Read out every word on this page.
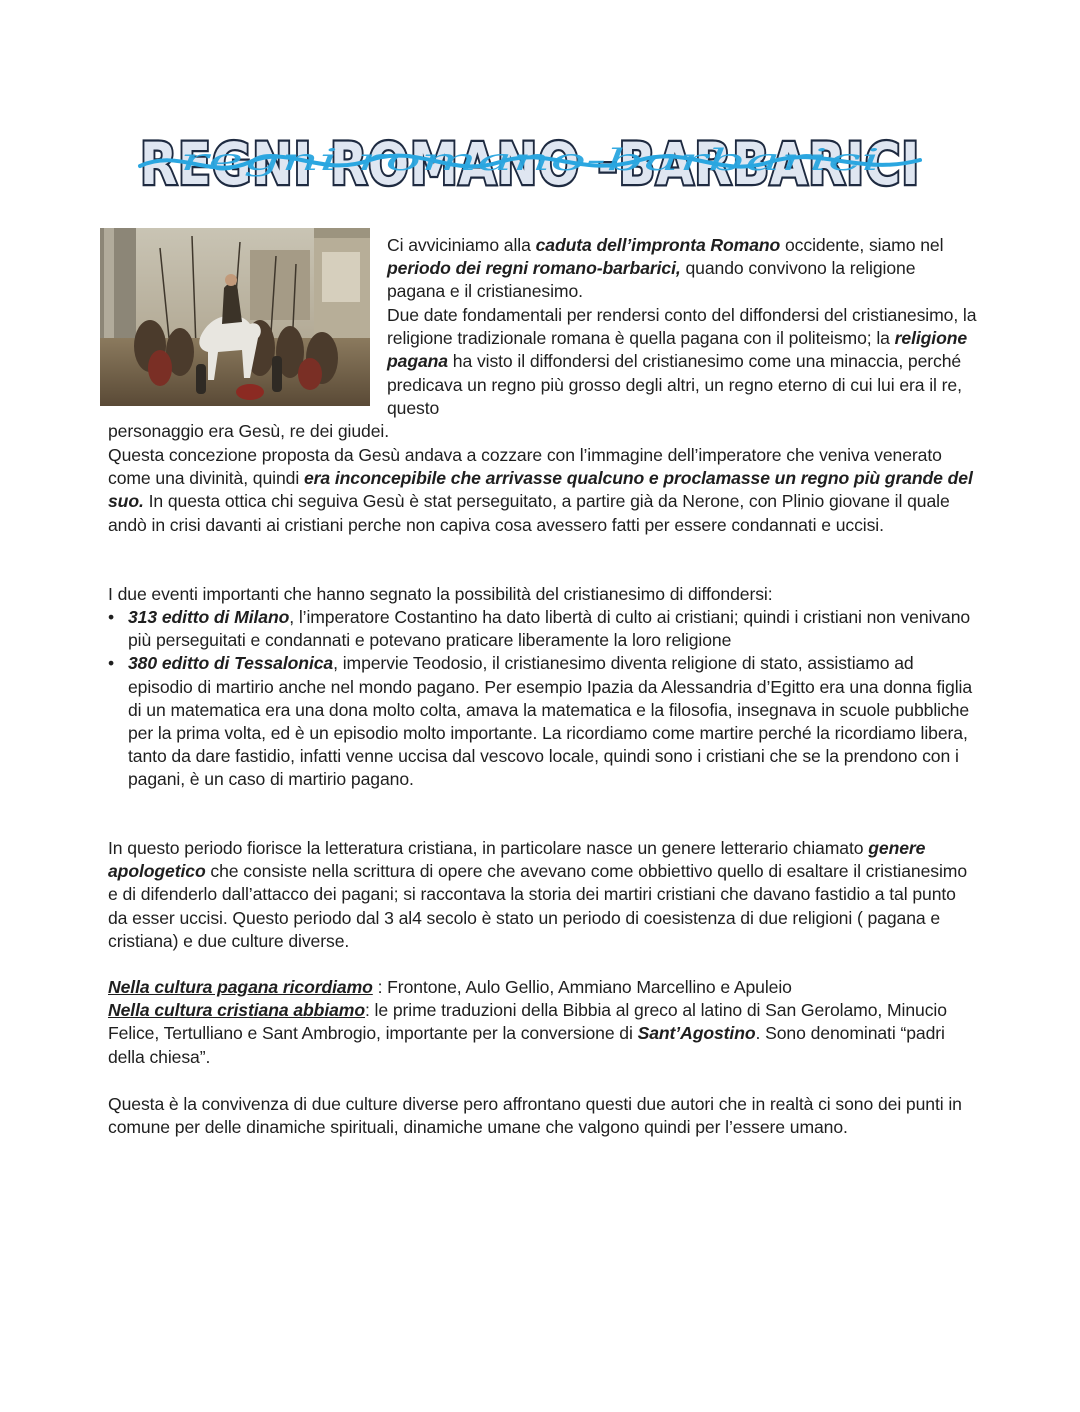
REGNI ROMANO -BARBARICI
regni romano-barbarici

Ci avviciniamo alla caduta dell’impronta Romano occidente, siamo nel periodo dei regni romano-barbarici, quando convivono la religione pagana e il cristianesimo.

Due date fondamentali per rendersi conto del diffondersi del cristianesimo, la religione tradizionale romana è quella pagana con il politeismo; la religione pagana ha visto il diffondersi del cristianesimo come una minaccia, perché predicava un regno più grosso degli altri, un regno eterno di cui lui era il re, questo

personaggio era Gesù, re dei giudei.

Questa concezione proposta da Gesù andava a cozzare con l’immagine dell’imperatore che veniva venerato come una divinità, quindi era inconcepibile che arrivasse qualcuno e proclamasse un regno più grande del suo. In questa ottica chi seguiva Gesù è stat perseguitato, a partire già da Nerone, con Plinio giovane il quale andò in crisi davanti ai cristiani perche non capiva cosa avessero fatti per essere condannati e uccisi.

I due eventi importanti che hanno segnato la possibilità del cristianesimo di diffondersi:

• 313 editto di Milano, l’imperatore Costantino ha dato libertà di culto ai cristiani; quindi i cristiani non venivano più perseguitati e condannati e potevano praticare liberamente la loro religione
• 380 editto di Tessalonica, impervie Teodosio, il cristianesimo diventa religione di stato, assistiamo ad episodio di martirio anche nel mondo pagano. Per esempio Ipazia da Alessandria d’Egitto era una donna figlia di un matematica era una dona molto colta, amava la matematica e la filosofia, insegnava in scuole pubbliche per la prima volta, ed è un episodio molto importante. La ricordiamo come martire perché la ricordiamo libera, tanto da dare fastidio, infatti venne uccisa dal vescovo locale, quindi sono i cristiani che se la prendono con i pagani, è un caso di martirio pagano.

In questo periodo fiorisce la letteratura cristiana, in particolare nasce un genere letterario chiamato genere apologetico che consiste nella scrittura di opere che avevano come obbiettivo quello di esaltare il cristianesimo e di difenderlo dall’attacco dei pagani; si raccontava la storia dei martiri cristiani che davano fastidio a tal punto da esser uccisi. Questo periodo dal 3 al4 secolo è stato un periodo di coesistenza di due religioni ( pagana e cristiana) e due culture diverse.

Nella cultura pagana ricordiamo : Frontone, Aulo Gellio, Ammiano Marcellino e Apuleio
Nella cultura cristiana abbiamo: le prime traduzioni della Bibbia al greco al latino di San Gerolamo, Minucio Felice, Tertulliano e Sant Ambrogio, importante per la conversione di Sant’Agostino. Sono denominati “padri della chiesa”.

Questa è la convivenza di due culture diverse pero affrontano questi due autori che in realtà ci sono dei punti in comune per delle dinamiche spirituali, dinamiche umane che valgono quindi per l’essere umano.
